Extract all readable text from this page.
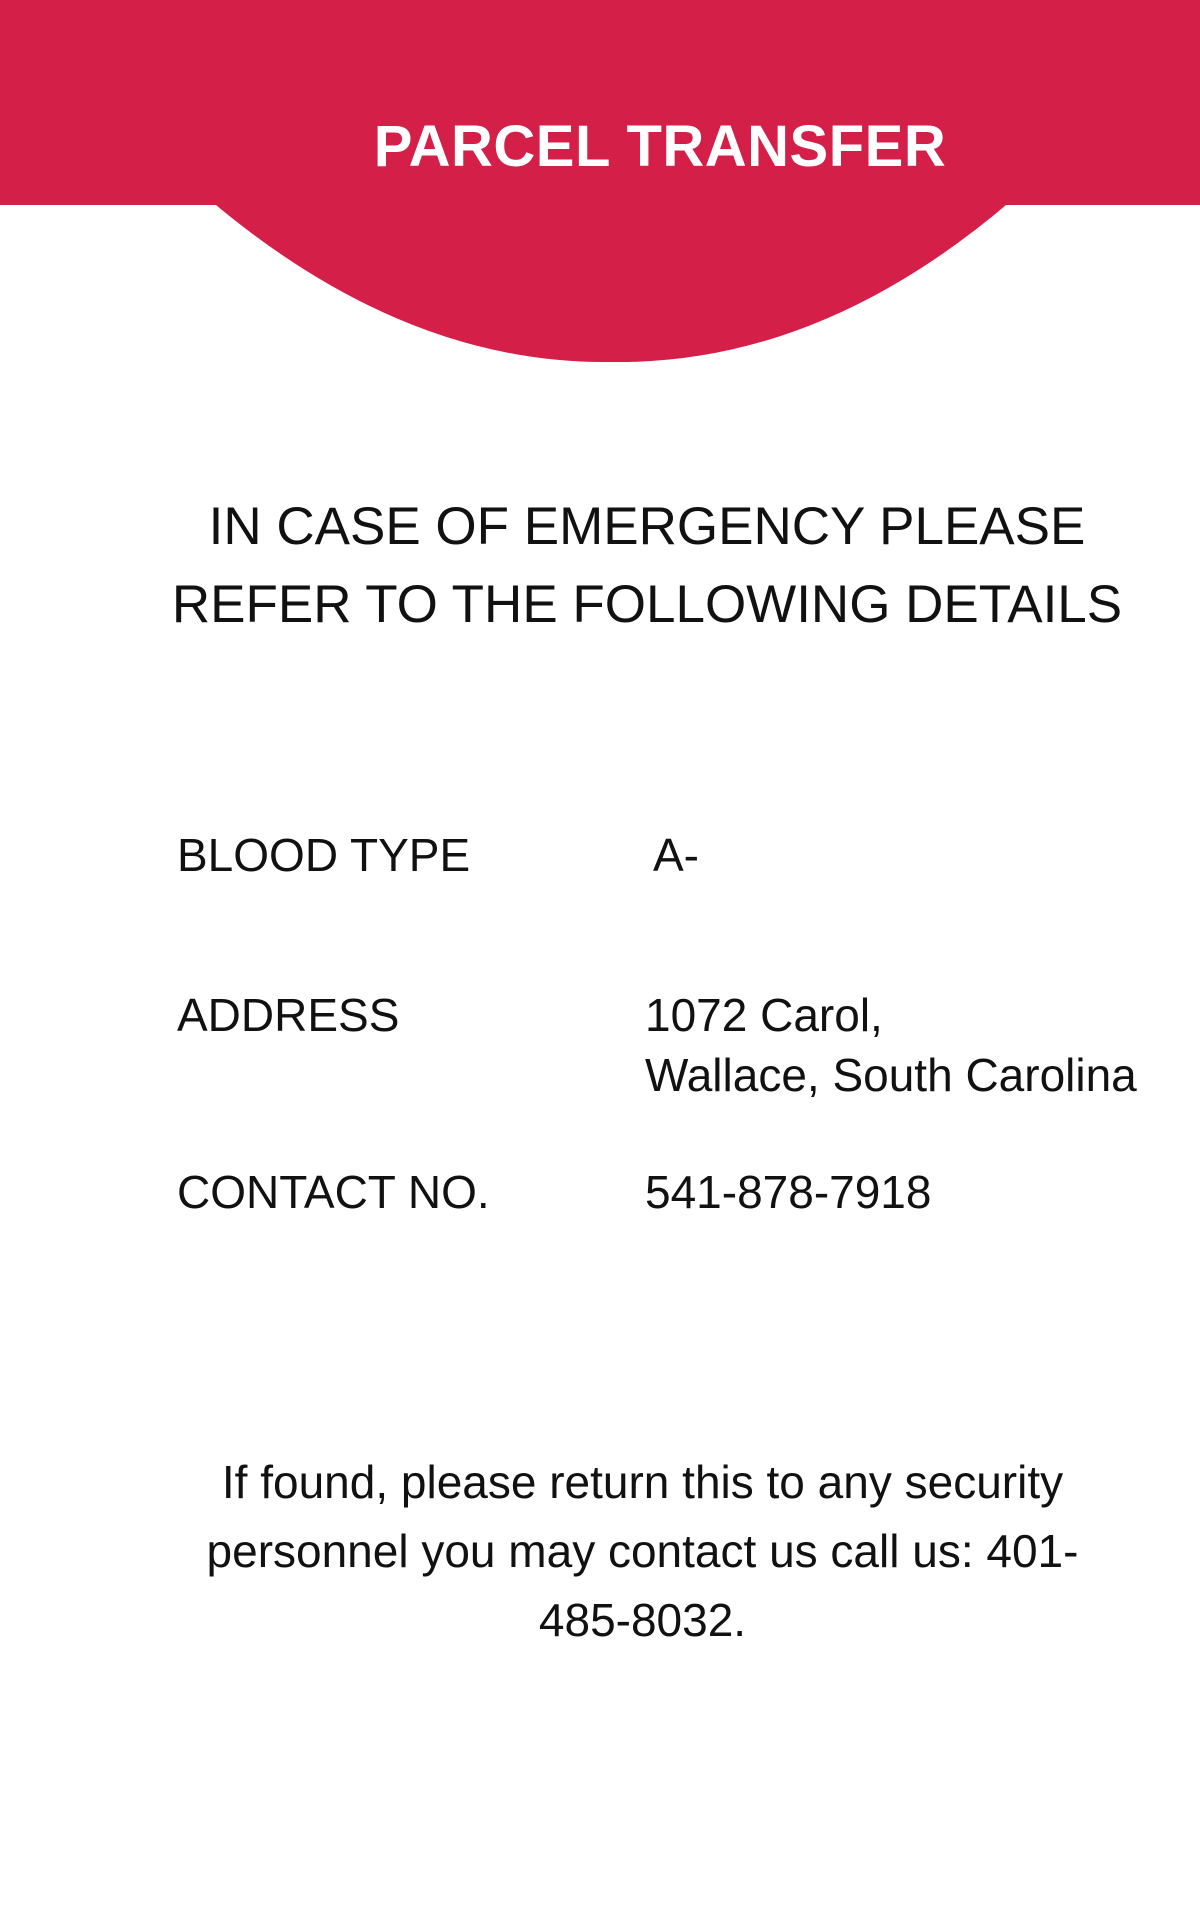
PARCEL TRANSFER
IN CASE OF EMERGENCY PLEASE
REFER TO THE FOLLOWING DETAILS
BLOOD TYPE	A-
ADDRESS	1072 Carol,
Wallace, South Carolina
CONTACT NO.	541-878-7918
If found, please return this to any security
personnel you may contact us call us: 401-
485-8032.
